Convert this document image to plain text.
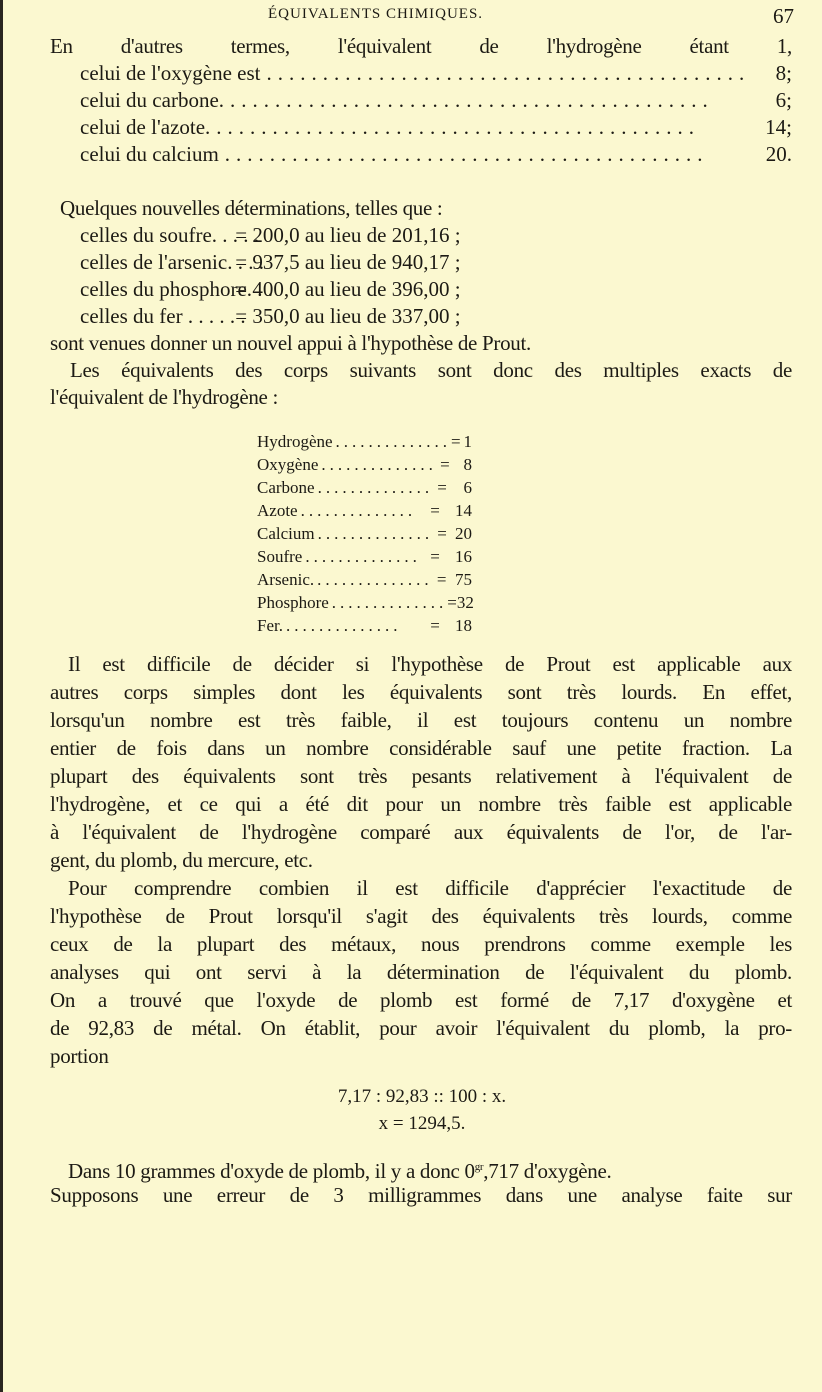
ÉQUIVALENTS CHIMIQUES.	67
En d'autres termes, l'équivalent de l'hydrogène étant 1,
celui de l'oxygène est ...........................................	8;
celui du carbone. ...........................................	6;
celui de l'azote. ...........................................	14;
celui du calcium ...........................................	20.
Quelques nouvelles déterminations, telles que :
celles du soufre. . . . . = 200,0 au lieu de 201,16 ;
celles de l'arsenic. . . . = 937,5 au lieu de 940,17 ;
celles du phosphore. . . = 400,0 au lieu de 396,00 ;
celles du fer . . . . . . = 350,0 au lieu de 337,00 ;
sont venues donner un nouvel appui à l'hypothèse de Prout.
Les équivalents des corps suivants sont donc des multiples exacts de
l'équivalent de l'hydrogène :
Hydrogène .............. = 1
Oxygène .............. = 8
Carbone .............. = 6
Azote .............. = 14
Calcium .............. = 20
Soufre .............. = 16
Arsenic. .............. = 75
Phosphore .............. = 32
Fer. ..............	= 18
Il est difficile de décider si l'hypothèse de Prout est applicable aux
autres corps simples dont les équivalents sont très lourds. En effet,
lorsqu'un nombre est très faible, il est toujours contenu un nombre
entier de fois dans un nombre considérable sauf une petite fraction. La
plupart des équivalents sont très pesants relativement à l'équivalent de
l'hydrogène, et ce qui a été dit pour un nombre très faible est applicable
à l'équivalent de l'hydrogène comparé aux équivalents de l'or, de l'ar-
gent, du plomb, du mercure, etc.
Pour comprendre combien il est difficile d'apprécier l'exactitude de
l'hypothèse de Prout lorsqu'il s'agit des équivalents très lourds, comme
ceux de la plupart des métaux, nous prendrons comme exemple les
analyses qui ont servi à la détermination de l'équivalent du plomb.
On a trouvé que l'oxyde de plomb est formé de 7,17 d'oxygène et
de 92,83 de métal. On établit, pour avoir l'équivalent du plomb, la pro-
portion
7,17 : 92,83 :: 100 : x.
x = 1294,5.
Dans 10 grammes d'oxyde de plomb, il y a donc $0^{gr},717$ d'oxygène.
Supposons une erreur de 3 milligrammes dans une analyse faite sur
